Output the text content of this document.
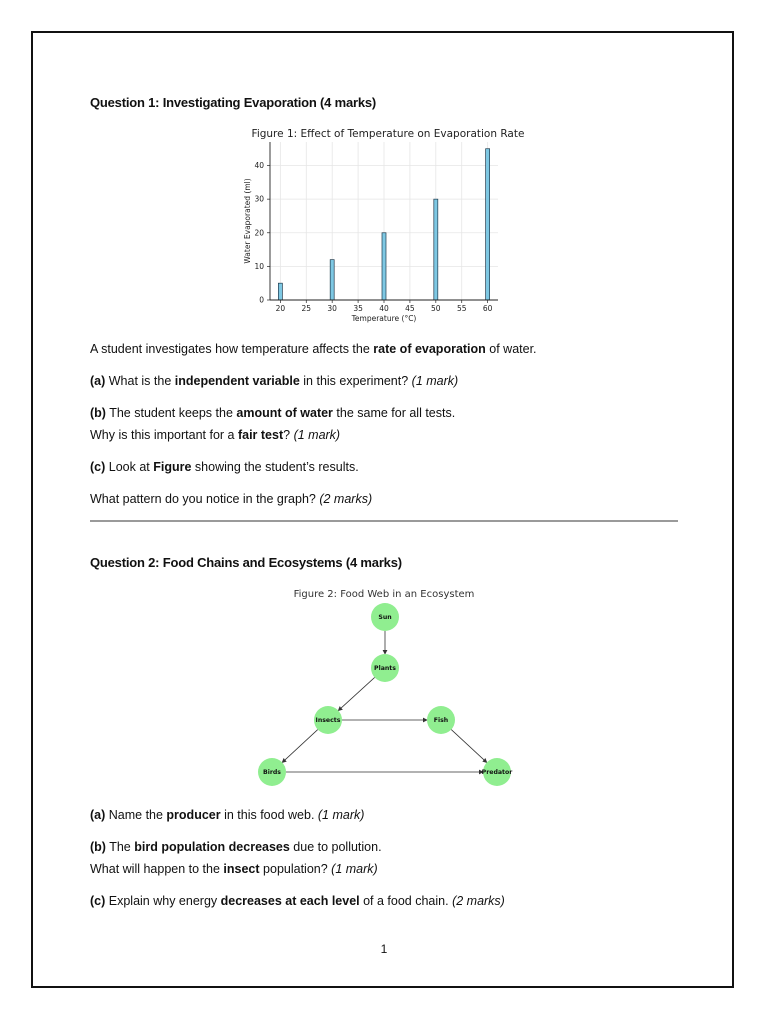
Question 1: Investigating Evaporation (4 marks)
Figure 1: Effect of Temperature on Evaporation Rate
20 25 30 35 40 45 50 55 60
0
10
20
30
40
Temperature (°C)
Water Evaporated (ml)
A student investigates how temperature affects the rate of evaporation of water.
(a) What is the independent variable in this experiment? (1 mark)
(b) The student keeps the amount of water the same for all tests.
Why is this important for a fair test? (1 mark)
(c) Look at Figure showing the student’s results.
What pattern do you notice in the graph? (2 marks)
Question 2: Food Chains and Ecosystems (4 marks)
Figure 2: Food Web in an Ecosystem
Sun
Plants
Insects	Fish
Birds	Predator
(a) Name the producer in this food web. (1 mark)
(b) The bird population decreases due to pollution.
What will happen to the insect population? (1 mark)
(c) Explain why energy decreases at each level of a food chain. (2 marks)
1
